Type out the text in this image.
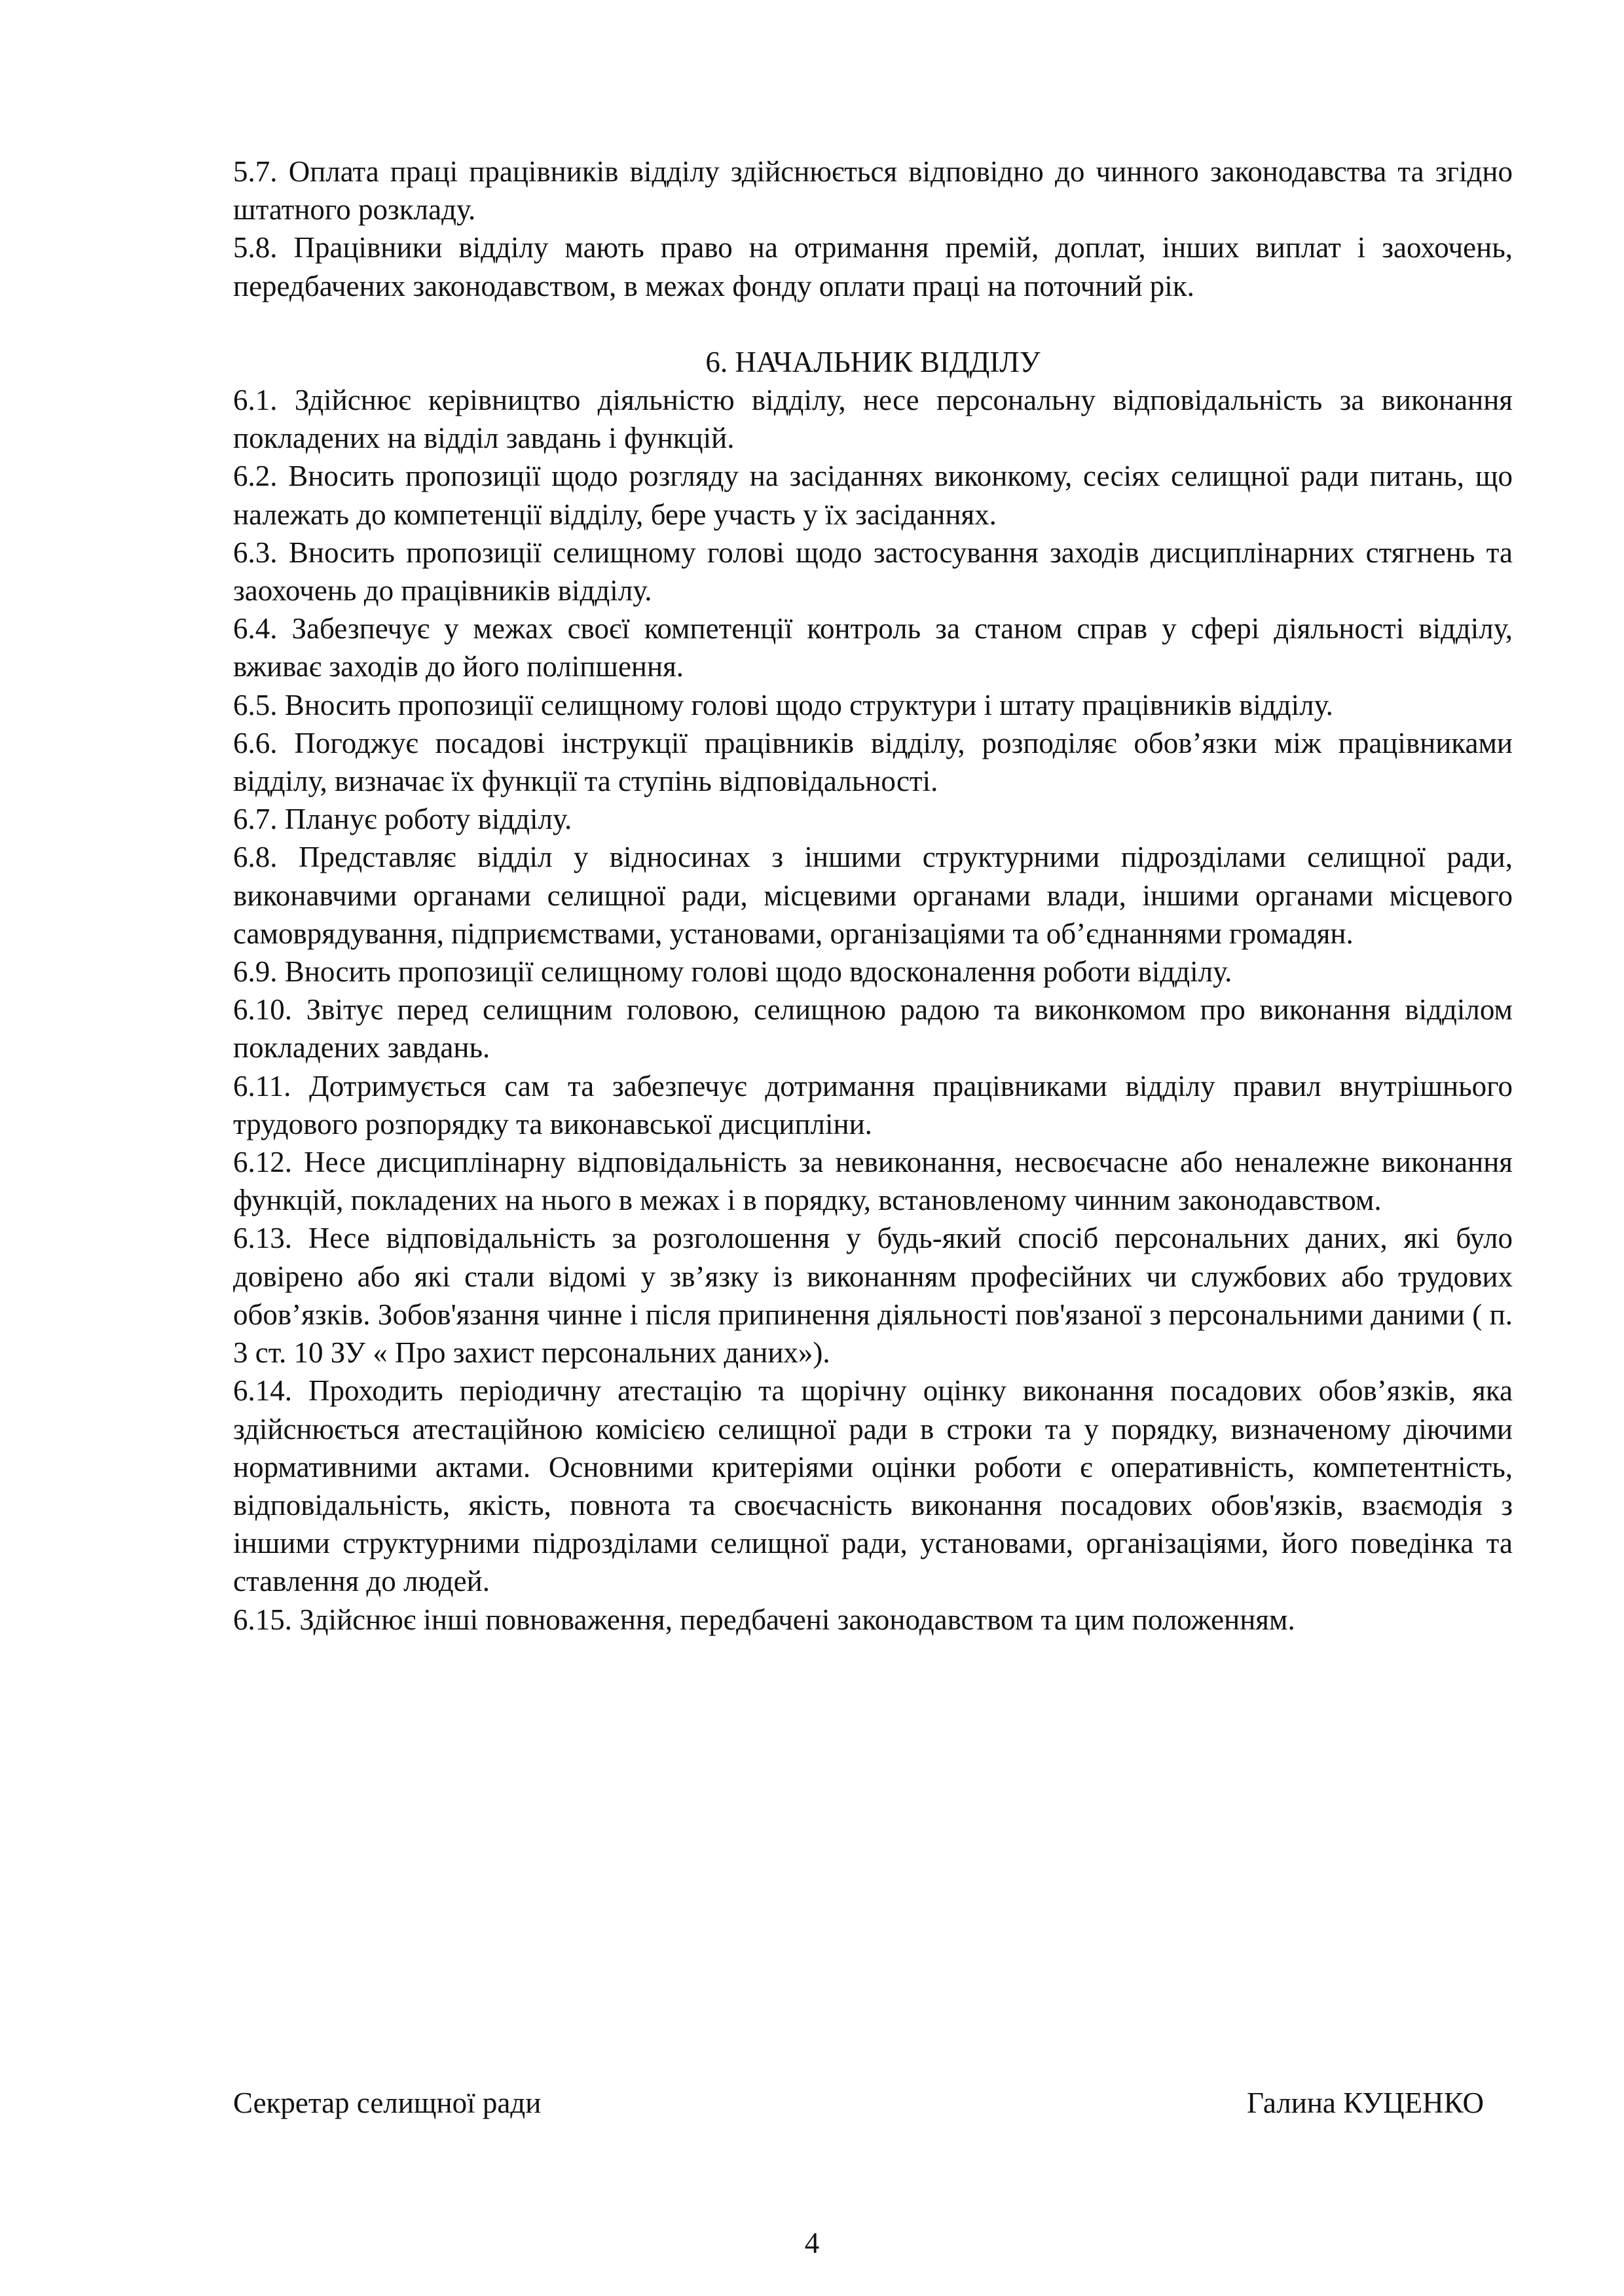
5.7. Оплата праці працівників відділу здійснюється відповідно до чинного законодавства та згідно штатного розкладу.

5.8. Працівники відділу мають право на отримання премій, доплат, інших виплат і заохочень, передбачених законодавством, в межах фонду оплати праці на поточний рік.

6. НАЧАЛЬНИК ВІДДІЛУ

6.1. Здійснює керівництво діяльністю відділу, несе персональну відповідальність за виконання покладених на відділ завдань і функцій.

6.2. Вносить пропозиції щодо розгляду на засіданнях виконкому, сесіях селищної ради питань, що належать до компетенції відділу, бере участь у їх засіданнях.

6.3. Вносить пропозиції селищному голові щодо застосування заходів дисциплінарних стягнень та заохочень до працівників відділу.

6.4. Забезпечує у межах своєї компетенції контроль за станом справ у сфері діяльності відділу, вживає заходів до його поліпшення.

6.5. Вносить пропозиції селищному голові щодо структури і штату працівників відділу.

6.6. Погоджує посадові інструкції працівників відділу, розподіляє обов’язки між працівниками відділу, визначає їх функції та ступінь відповідальності.

6.7. Планує роботу відділу.

6.8. Представляє відділ у відносинах з іншими структурними підрозділами селищної ради, виконавчими органами селищної ради, місцевими органами влади, іншими органами місцевого самоврядування, підприємствами, установами, організаціями та об’єднаннями громадян.

6.9. Вносить пропозиції селищному голові щодо вдосконалення роботи відділу.

6.10. Звітує перед селищним головою, селищною радою та виконкомом про виконання відділом покладених завдань.

6.11. Дотримується сам та забезпечує дотримання працівниками відділу правил внутрішнього трудового розпорядку та виконавської дисципліни.

6.12. Несе дисциплінарну відповідальність за невиконання, несвоєчасне або неналежне виконання функцій, покладених на нього в межах і в порядку, встановленому чинним законодавством.

6.13. Несе відповідальність за розголошення у будь-який спосіб персональних даних, які було довірено або які стали відомі у зв’язку із виконанням професійних чи службових або трудових обов’язків. Зобов'язання чинне і після припинення діяльності пов'язаної з персональними даними ( п. 3 ст. 10 ЗУ « Про захист персональних даних»).

6.14. Проходить періодичну атестацію та щорічну оцінку виконання посадових обов’язків, яка здійснюється атестаційною комісією селищної ради в строки та у порядку, визначеному діючими нормативними актами. Основними критеріями оцінки роботи є оперативність, компетентність, відповідальність, якість, повнота та своєчасність виконання посадових обов'язків, взаємодія з іншими структурними підрозділами селищної ради, установами, організаціями, його поведінка та ставлення до людей.

6.15. Здійснює інші повноваження, передбачені законодавством та цим положенням.

Секретар селищної ради	Галина КУЦЕНКО
4
